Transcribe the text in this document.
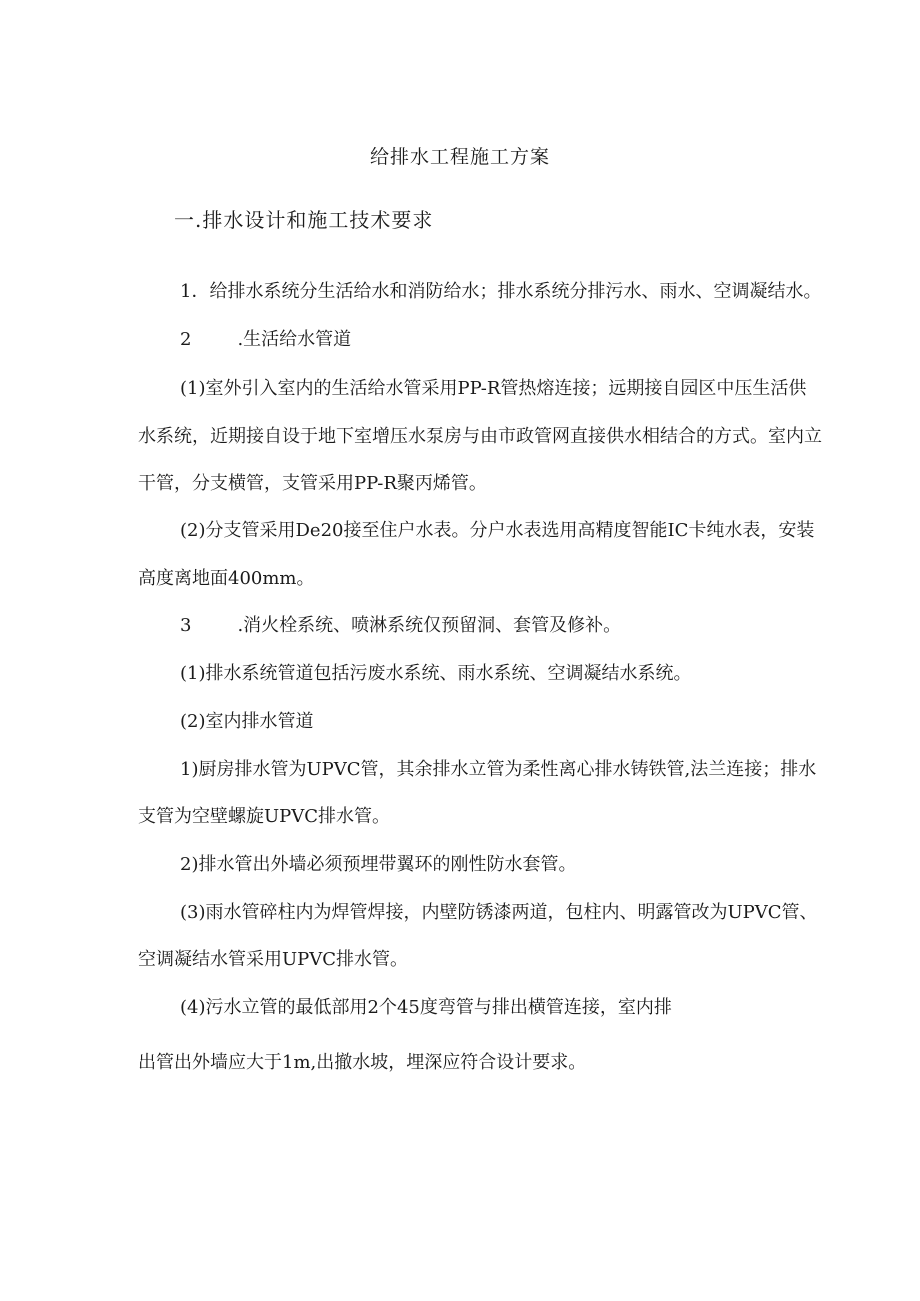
给排水工程施工方案
一.排水设计和施工技术要求

1．给排水系统分生活给水和消防给水；排水系统分排污水、雨水、空调凝结水。

2	.生活给水管道

(1)室外引入室内的生活给水管采用PP-R管热熔连接；远期接自园区中压生活供

水系统，近期接自设于地下室增压水泵房与由市政管网直接供水相结合的方式。室内立

干管，分支横管，支管采用PP-R聚丙烯管。

(2)分支管采用De20接至住户水表。分户水表选用高精度智能IC卡纯水表，安装

高度离地面400mm。

3	.消火栓系统、喷淋系统仅预留洞、套管及修补。

(1)排水系统管道包括污废水系统、雨水系统、空调凝结水系统。

(2)室内排水管道

1)厨房排水管为UPVC管，其余排水立管为柔性离心排水铸铁管,法兰连接；排水

支管为空壁螺旋UPVC排水管。

2)排水管出外墙必须预埋带翼环的刚性防水套管。

(3)雨水管碎柱内为焊管焊接，内壁防锈漆两道，包柱内、明露管改为UPVC管、

空调凝结水管采用UPVC排水管。

(4)污水立管的最低部用2个45度弯管与排出横管连接，室内排

出管出外墙应大于1m,出撤水坡，埋深应符合设计要求。
